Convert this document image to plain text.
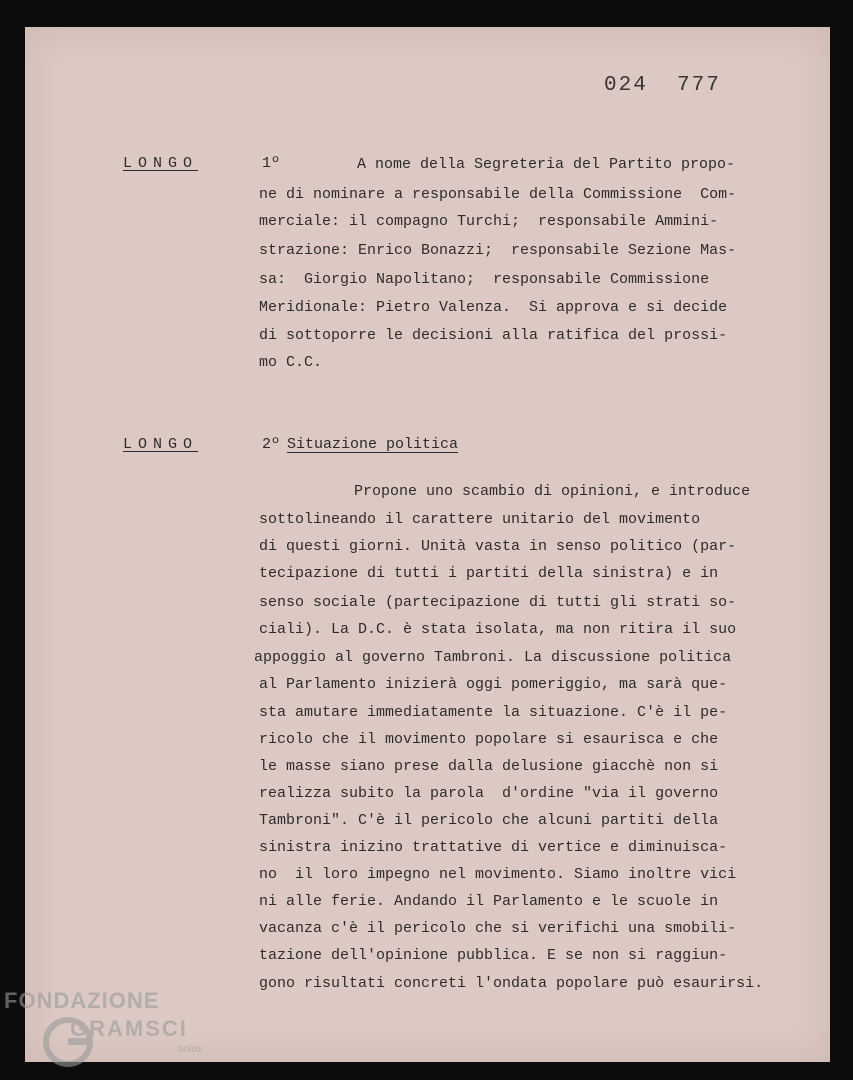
024  777
LONGO	1º	A nome della Segreteria del Partito propo-
ne di nominare a responsabile della Commissione  Com-
merciale: il compagno Turchi;  responsabile Ammini-
strazione: Enrico Bonazzi;  responsabile Sezione Mas-
sa:  Giorgio Napolitano;  responsabile Commissione
Meridionale: Pietro Valenza.  Si approva e si decide
di sottoporre le decisioni alla ratifica del prossi-
mo C.C.
LONGO	2º Situazione politica
Propone uno scambio di opinioni, e introduce
sottolineando il carattere unitario del movimento
di questi giorni. Unità vasta in senso politico (par-
tecipazione di tutti i partiti della sinistra) e in
senso sociale (partecipazione di tutti gli strati so-
ciali). La D.C. è stata isolata, ma non ritira il suo
appoggio al governo Tambroni. La discussione politica
al Parlamento inizierà oggi pomeriggio, ma sarà que-
sta amutare immediatamente la situazione. C'è il pe-
ricolo che il movimento popolare si esaurisca e che
le masse siano prese dalla delusione giacchè non si
realizza subito la parola  d'ordine "via il governo
Tambroni". C'è il pericolo che alcuni partiti della
sinistra inizino trattative di vertice e diminuisca-
no  il loro impegno nel movimento. Siamo inoltre vici
ni alle ferie. Andando il Parlamento e le scuole in
vacanza c'è il pericolo che si verifichi una smobili-
tazione dell'opinione pubblica. E se non si raggiun-
gono risultati concreti l'ondata popolare può esaurirsi.
FONDAZIONE
GRAMSCI
onlus
